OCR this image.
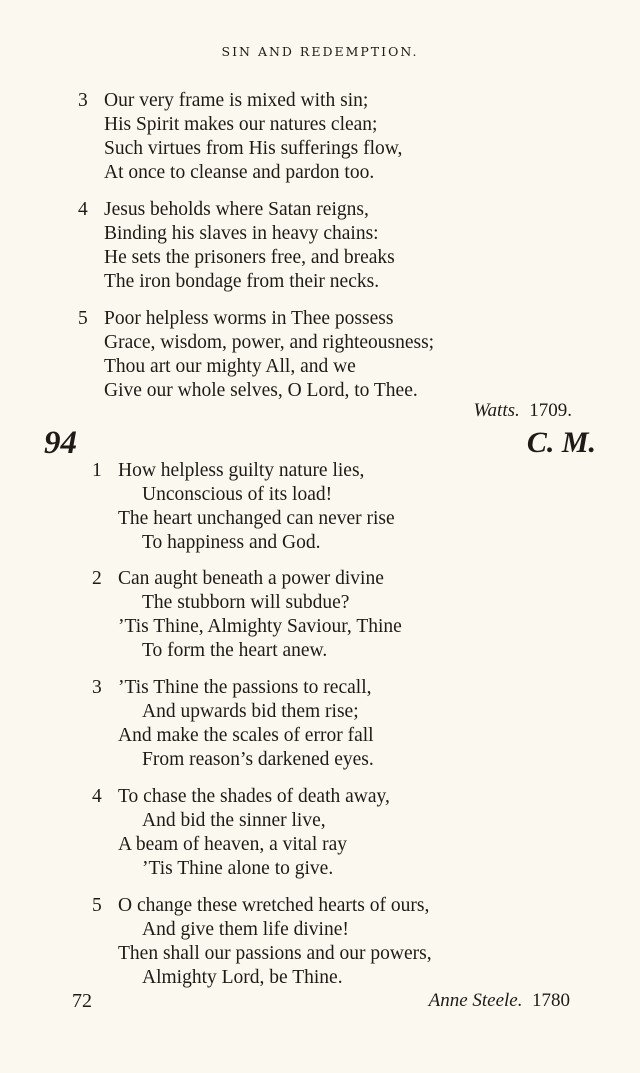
SIN AND REDEMPTION.
3 Our very frame is mixed with sin;
His Spirit makes our natures clean;
Such virtues from His sufferings flow,
At once to cleanse and pardon too.
4 Jesus beholds where Satan reigns,
Binding his slaves in heavy chains:
He sets the prisoners free, and breaks
The iron bondage from their necks.
5 Poor helpless worms in Thee possess
Grace, wisdom, power, and righteousness;
Thou art our mighty All, and we
Give our whole selves, O Lord, to Thee.
Watts. 1709.
94	C. M.
1 How helpless guilty nature lies,
Unconscious of its load!
The heart unchanged can never rise
To happiness and God.
2 Can aught beneath a power divine
The stubborn will subdue?
’Tis Thine, Almighty Saviour, Thine
To form the heart anew.
3 ’Tis Thine the passions to recall,
And upwards bid them rise;
And make the scales of error fall
From reason’s darkened eyes.
4 To chase the shades of death away,
And bid the sinner live,
A beam of heaven, a vital ray
’Tis Thine alone to give.
5 O change these wretched hearts of ours,
And give them life divine!
Then shall our passions and our powers,
Almighty Lord, be Thine.
72	Anne Steele. 1780
